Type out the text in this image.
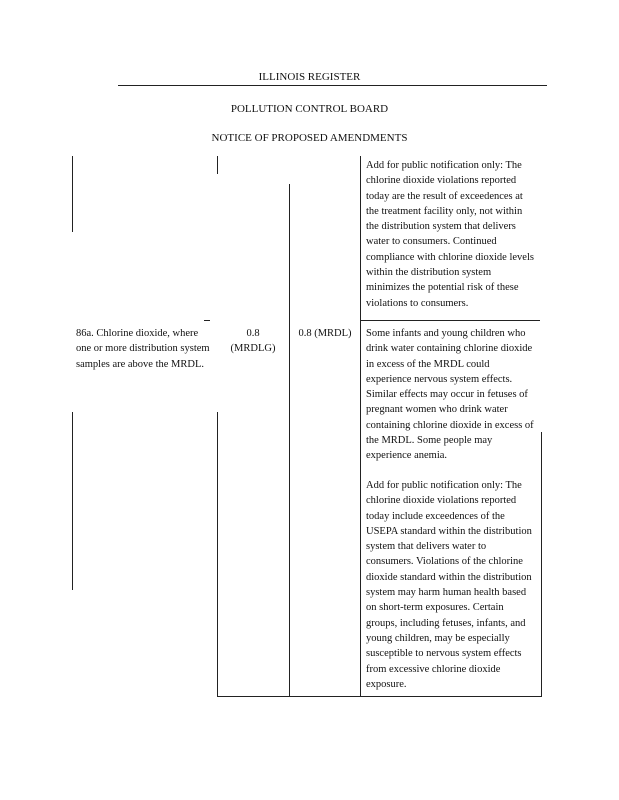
ILLINOIS REGISTER
POLLUTION CONTROL BOARD
NOTICE OF PROPOSED AMENDMENTS

Add for public notification only: The chlorine dioxide violations reported today are the result of exceedences at the treatment facility only, not within the distribution system that delivers water to consumers. Continued compliance with chlorine dioxide levels within the distribution system minimizes the potential risk of these violations to consumers.

86a. Chlorine dioxide, where one or more distribution system samples are above the MRDL.

0.8
(MRDLG)
0.8 (MRDL)	Some infants and young children who drink water containing chlorine dioxide in excess of the MRDL could experience nervous system effects. Similar effects may occur in fetuses of pregnant women who drink water containing chlorine dioxide in excess of the MRDL. Some people may experience anemia.

Add for public notification only: The chlorine dioxide violations reported today include exceedences of the USEPA standard within the distribution system that delivers water to consumers. Violations of the chlorine dioxide standard within the distribution system may harm human health based on short-term exposures. Certain groups, including fetuses, infants, and young children, may be especially susceptible to nervous system effects from excessive chlorine dioxide exposure.
